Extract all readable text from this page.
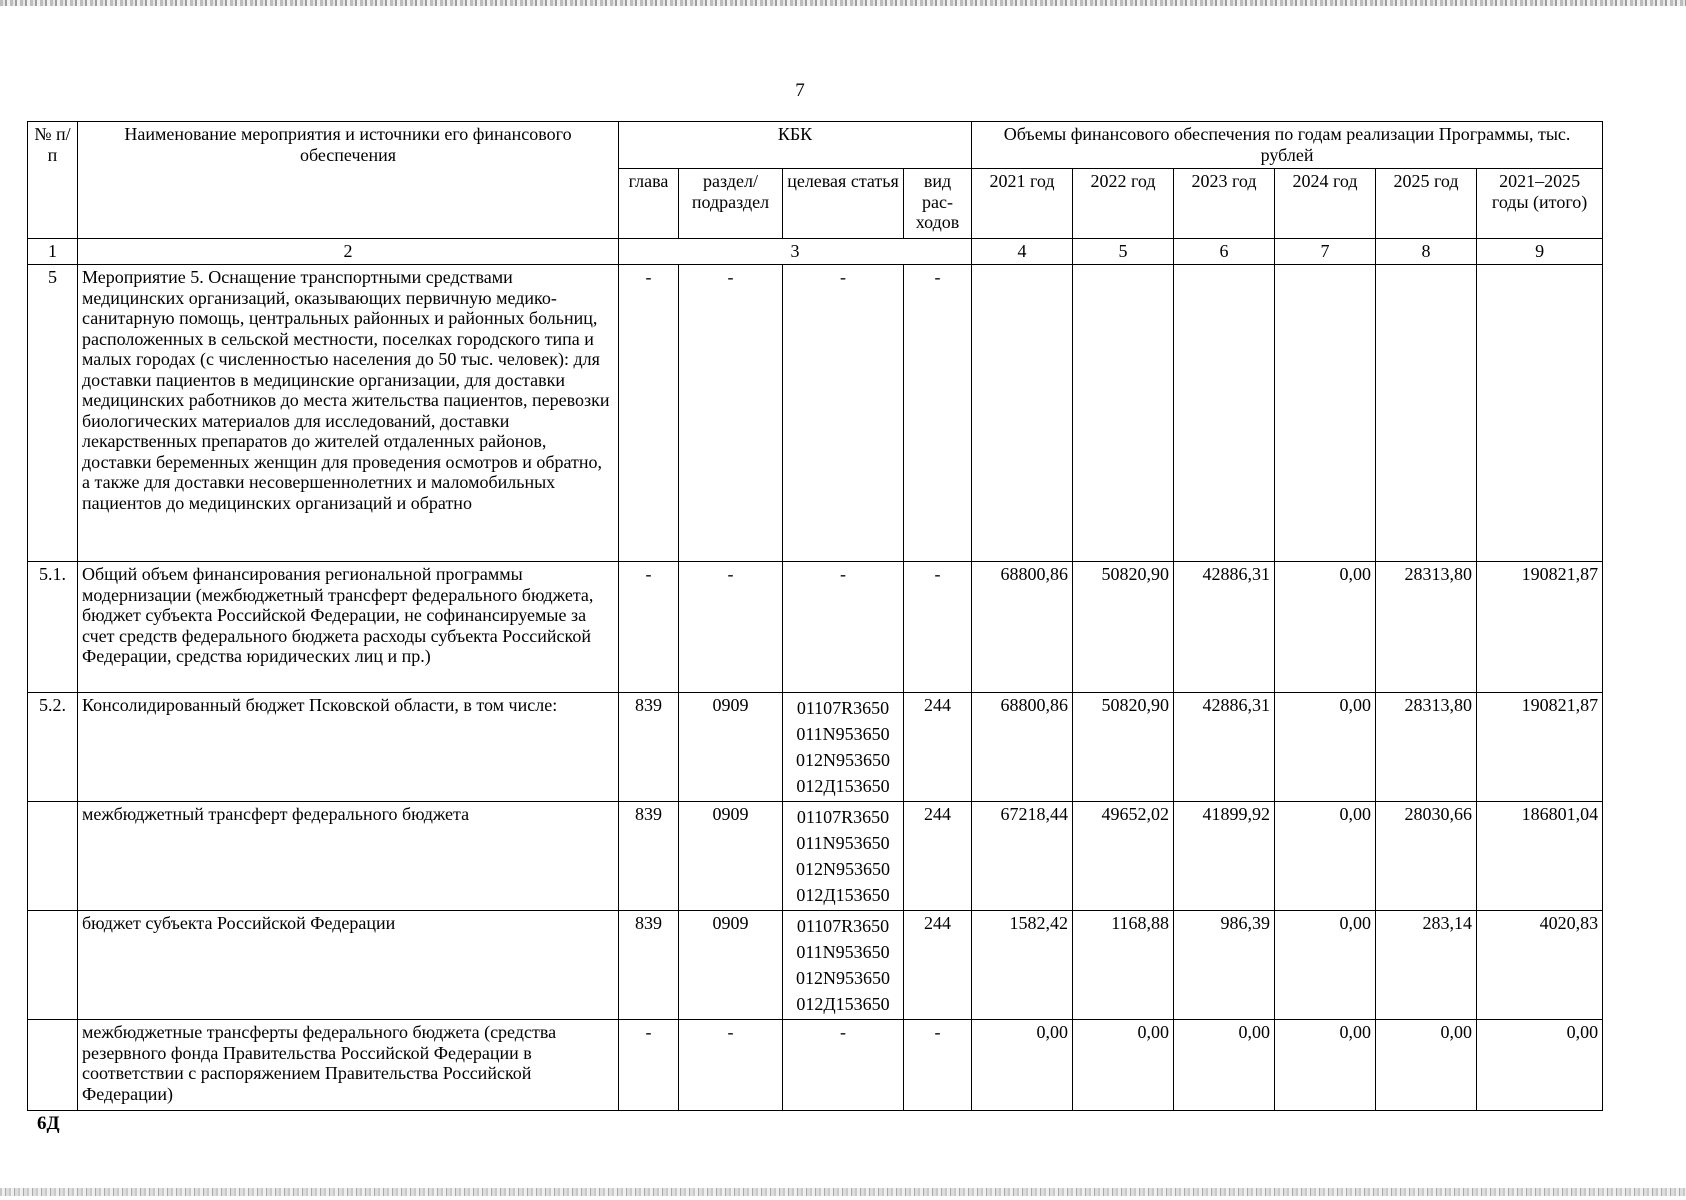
7
№ п/п	Наименование мероприятия и источники его финансового обеспечения	КБК				Объемы финансового обеспечения по годам реализации Программы, тыс. рублей					
		глава	раздел/ подраздел	целевая статья	вид рас-ходов	2021 год	2022 год	2023 год	2024 год	2025 год	2021–2025 годы (итого)
1	2	3				4	5	6	7	8	9
5	Мероприятие 5. Оснащение транспортными средствами медицинских организаций, оказывающих первичную медико-санитарную помощь, центральных районных и районных больниц, расположенных в сельской местности, поселках городского типа и малых городах (с численностью населения до 50 тыс. человек): для доставки пациентов в медицинские организации, для доставки медицинских работников до места жительства пациентов, перевозки биологических материалов для исследований, доставки лекарственных препаратов до жителей отдаленных районов, доставки беременных женщин для проведения осмотров и обратно, а также для доставки несовершеннолетних и маломобильных пациентов до медицинских организаций и обратно	-	-	-	-						
5.1.	Общий объем финансирования региональной программы модернизации (межбюджетный трансферт федерального бюджета, бюджет субъекта Российской Федерации, не софинансируемые за счет средств федерального бюджета расходы субъекта Российской Федерации, средства юридических лиц и пр.)	-	-	-	-	68800,86	50820,90	42886,31	0,00	28313,80	190821,87
5.2.	Консолидированный бюджет Псковской области, в том числе:	839	0909	01107R3650
011N953650
012N953650
012Д153650	244	68800,86	50820,90	42886,31	0,00	28313,80	190821,87
	межбюджетный трансферт федерального бюджета	839	0909	01107R3650
011N953650
012N953650
012Д153650	244	67218,44	49652,02	41899,92	0,00	28030,66	186801,04
	бюджет субъекта Российской Федерации	839	0909	01107R3650
011N953650
012N953650
012Д153650	244	1582,42	1168,88	986,39	0,00	283,14	4020,83
	межбюджетные трансферты федерального бюджета (средства резервного фонда Правительства Российской Федерации в соответствии с распоряжением Правительства Российской Федерации)	-	-	-	-	0,00	0,00	0,00	0,00	0,00	0,00
6Д
